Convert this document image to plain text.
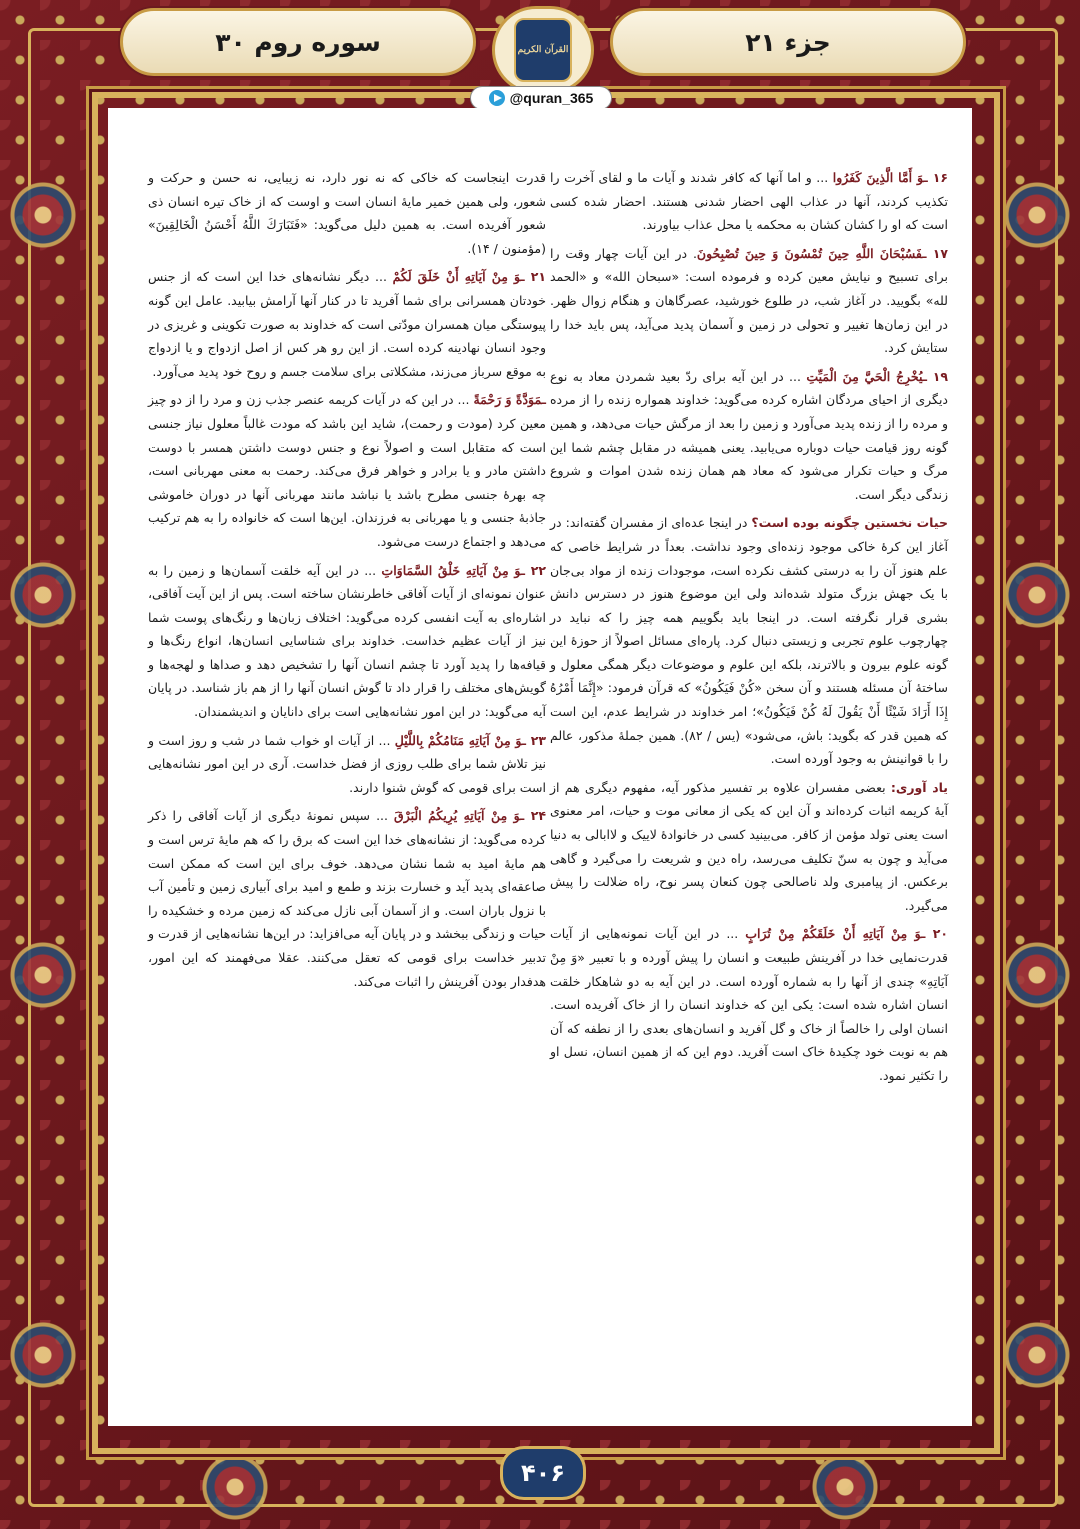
جزء ۲۱
سوره روم ۳۰	القرآن الكريم
@quran_365

۱۶ ـوَ أَمَّا الَّذِينَ كَفَرُوا ... و اما آنها که کافر شدند و آیات ما و لقای آخرت را تکذیب کردند، آنها در عذاب الهی احضار شدنی هستند. احضار شده کسی است که او را کشان کشان به محکمه یا محل عذاب بیاورند.

۱۷ ـفَسُبْحَانَ اللَّهِ حِينَ تُمْسُونَ وَ حِينَ تُصْبِحُونَ. در این آیات چهار وقت را برای تسبیح و نیایش معین کرده و فرموده است: «سبحان الله» و «الحمد لله» بگویید. در آغاز شب، در طلوع خورشید، عصرگاهان و هنگام زوال ظهر. در این زمان‌ها تغییر و تحولی در زمین و آسمان پدید می‌آید، پس باید خدا را ستایش کرد.

۱۹ ـيُخْرِجُ الْحَيَّ مِنَ الْمَيِّتِ ... در این آیه برای ردّ بعید شمردن معاد به نوع دیگری از احیای مردگان اشاره کرده می‌گوید: خداوند همواره زنده را از مرده و مرده را از زنده پدید می‌آورد و زمین را بعد از مرگش حیات می‌دهد، و همین گونه روز قیامت حیات دوباره می‌یابید. یعنی همیشه در مقابل چشم شما این مرگ و حیات تکرار می‌شود که معاد هم همان زنده شدن اموات و شروع زندگی دیگر است.

حیات نخستین چگونه بوده است؟ در اینجا عده‌ای از مفسران گفته‌اند: در آغاز این کرهٔ خاکی موجود زنده‌ای وجود نداشت. بعداً در شرایط خاصی که علم هنوز آن را به درستی کشف نکرده است، موجودات زنده از مواد بی‌جان با یک جهش بزرگ متولد شده‌اند ولی این موضوع هنوز در دسترس دانش بشری قرار نگرفته است. در اینجا باید بگوییم همه چیز را که نباید در چهارچوب علوم تجربی و زیستی دنبال کرد. پاره‌ای مسائل اصولاً از حوزهٔ این گونه علوم بیرون و بالاترند، بلکه این علوم و موضوعات دیگر همگی معلول و ساختهٔ آن مسئله هستند و آن سخن «كُنْ فَيَكُونُ» که قرآن فرمود: «إِنَّمَا أَمْرُهُ إِذَا أَرَادَ شَيْئًا أَنْ يَقُولَ لَهُ كُنْ فَيَكُونُ»؛ امر خداوند در شرایط عدم، این است که همین قدر که بگوید: باش، می‌شود» (یس / ۸۲). همین جملهٔ مذکور، عالم را با قوانینش به وجود آورده است.

یاد آوری: بعضی مفسران علاوه بر تفسیر مذکور آیه، مفهوم دیگری هم از آیهٔ کریمه اثبات کرده‌اند و آن این که یکی از معانی موت و حیات، امر معنوی است یعنی تولد مؤمن از کافر. می‌بینید کسی در خانوادهٔ لاییک و لاابالی به دنیا می‌آید و چون به سنّ تکلیف می‌رسد، راه دین و شریعت را می‌گیرد و گاهی برعکس. از پیامبری ولد ناصالحی چون کنعان پسر نوح، راه ضلالت را پیش می‌گیرد.

۲۰ ـوَ مِنْ آيَاتِهِ أَنْ خَلَقَكُمْ مِنْ تُرَابٍ ... در این آیات نمونه‌هایی از آیات قدرت‌نمایی خدا در آفرینش طبیعت و انسان را پیش آورده و با تعبیر «وَ مِنْ آيَاتِهِ» چندی از آنها را به شماره آورده است. در این آیه به دو شاهکار خلقت انسان اشاره شده است: یکی این که خداوند انسان را از خاک آفریده است. انسان اولی را خالصاً از خاک و گل آفرید و انسان‌های بعدی را از نطفه که آن هم به نوبت خود چکیدهٔ خاک است آفرید. دوم این که از همین انسان، نسل او را تکثیر نمود.

قدرت اینجاست که خاکی که نه نور دارد، نه زیبایی، نه حسن و حرکت و شعور، ولی همین خمیر مایهٔ انسان است و اوست که از خاک تیره انسان ذی شعور آفریده است. به همین دلیل می‌گوید: «فَتَبَارَكَ اللَّهُ أَحْسَنُ الْخَالِقِينَ» (مؤمنون / ۱۴).

۲۱ ـوَ مِنْ آيَاتِهِ أَنْ خَلَقَ لَكُمْ ... دیگر نشانه‌های خدا این است که از جنس خودتان همسرانی برای شما آفرید تا در کنار آنها آرامش بیابید. عامل این گونه پیوستگی میان همسران مودّتی است که خداوند به صورت تکوینی و غریزی در وجود انسان نهادینه کرده است. از این رو هر کس از اصل ازدواج و یا ازدواج به موقع سرباز می‌زند، مشکلاتی برای سلامت جسم و روح خود پدید می‌آورد.

ـمَوَدَّةً وَ رَحْمَةً ... در این که در آیات کریمه عنصر جذب زن و مرد را از دو چیز معین کرد (مودت و رحمت)، شاید این باشد که مودت غالباً معلول نیاز جنسی است که متقابل است و اصولاً نوع و جنس دوست داشتن همسر با دوست داشتن مادر و یا برادر و خواهر فرق می‌کند. رحمت به معنی مهربانی است، چه بهرهٔ جنسی مطرح باشد یا نباشد مانند مهربانی آنها در دوران خاموشی جاذبهٔ جنسی و یا مهربانی به فرزندان. این‌ها است که خانواده را به هم ترکیب می‌دهد و اجتماع درست می‌شود.

۲۲ ـوَ مِنْ آيَاتِهِ خَلْقُ السَّمَاوَاتِ ... در این آیه خلقت آسمان‌ها و زمین را به عنوان نمونه‌ای از آیات آفاقی خاطرنشان ساخته است. پس از این آیت آفاقی، اشاره‌ای به آیت انفسی کرده می‌گوید: اختلاف زبان‌ها و رنگ‌های پوست شما نیز از آیات عظیم خداست. خداوند برای شناسایی انسان‌ها، انواع رنگ‌ها و قیافه‌ها را پدید آورد تا چشم انسان آنها را تشخیص دهد و صداها و لهجه‌ها و گویش‌های مختلف را قرار داد تا گوش انسان آنها را از هم باز شناسد. در پایان آیه می‌گوید: در این امور نشانه‌هایی است برای دانایان و اندیشمندان.

۲۳ ـوَ مِنْ آيَاتِهِ مَنَامُكُمْ بِاللَّيْلِ ... از آیات او خواب شما در شب و روز است و نیز تلاش شما برای طلب روزی از فضل خداست. آری در این امور نشانه‌هایی است برای قومی که گوش شنوا دارند.

۲۴ ـوَ مِنْ آيَاتِهِ يُرِيكُمُ الْبَرْقَ ... سپس نمونهٔ دیگری از آیات آفاقی را ذکر کرده می‌گوید: از نشانه‌های خدا این است که برق را که هم مایهٔ ترس است و هم مایهٔ امید به شما نشان می‌دهد. خوف برای این است که ممکن است صاعقه‌ای پدید آید و خسارت بزند و طمع و امید برای آبیاری زمین و تأمین آب با نزول باران است. و از آسمان آبی نازل می‌کند که زمین مرده و خشکیده را حیات و زندگی ببخشد و در پایان آیه می‌افزاید: در این‌ها نشانه‌هایی از قدرت و تدبیر خداست برای قومی که تعقل می‌کنند. عقلا می‌فهمند که این امور، هدفدار بودن آفرینش را اثبات می‌کند.

۴۰۶
